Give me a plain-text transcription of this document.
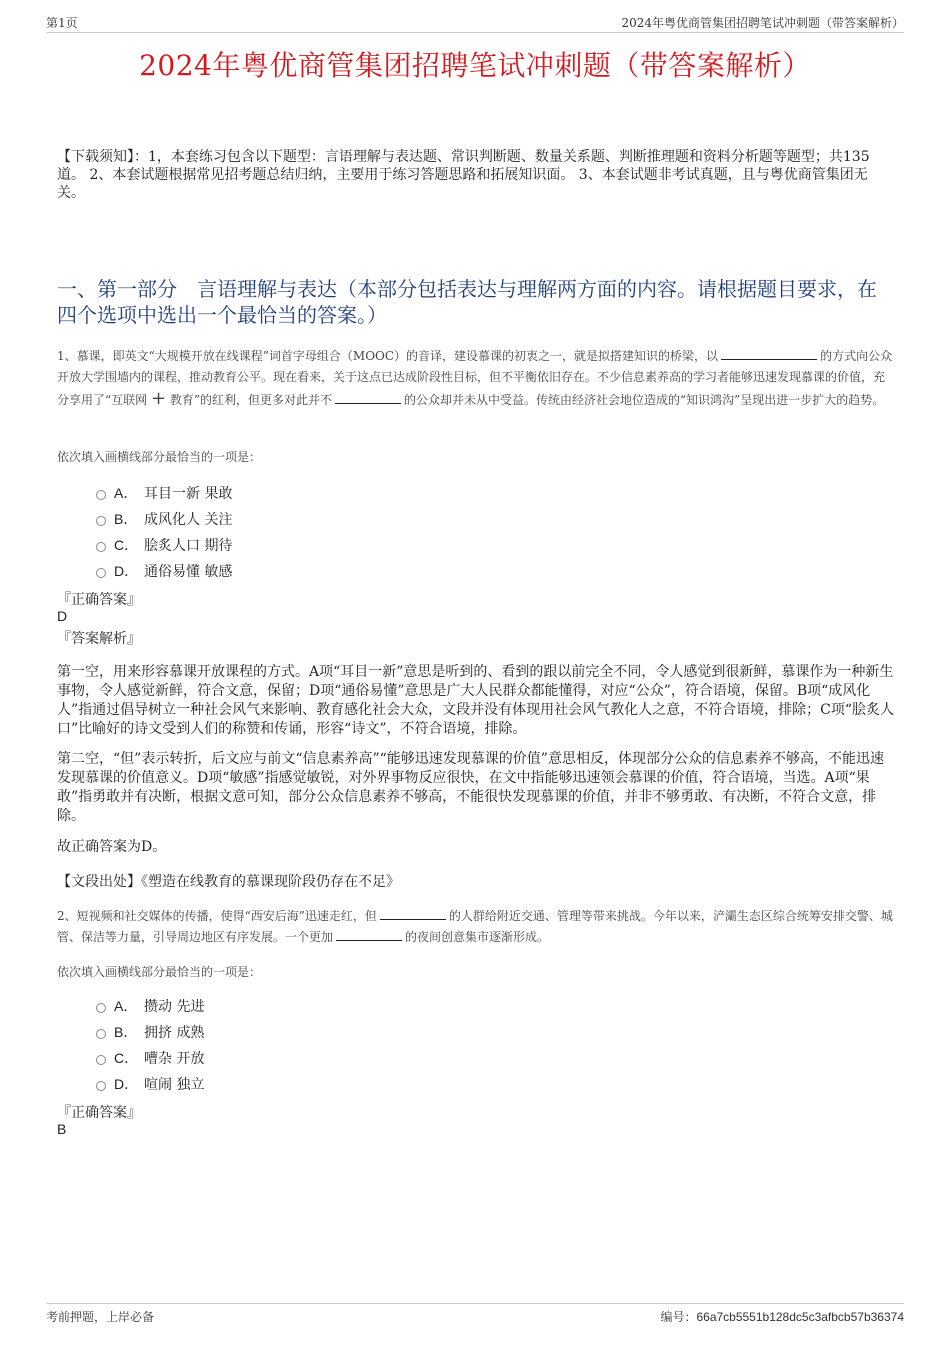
第1页	2024年粤优商管集团招聘笔试冲刺题（带答案解析）
2024年粤优商管集团招聘笔试冲刺题（带答案解析）
【下载须知】：1，本套练习包含以下题型：言语理解与表达题、常识判断题、数量关系题、判断推理题和资料分析题等题型；共135道。 2、本套试题根据常见招考题总结归纳，主要用于练习答题思路和拓展知识面。 3、本套试题非考试真题，且与粤优商管集团无关。
一、第一部分　言语理解与表达（本部分包括表达与理解两方面的内容。请根据题目要求，在四个选项中选出一个最恰当的答案。）
1、慕课，即英文“大规模开放在线课程”词首字母组合（MOOC）的音译，建设慕课的初衷之一，就是拟搭建知识的桥梁，以	的方式向公众开放大学围墙内的课程，推动教育公平。现在看来，关于这点已达成阶段性目标，但不平衡依旧存在。不少信息素养高的学习者能够迅速发现慕课的价值，充分享用了“互联网 + 教育”的红利，但更多对此并不	的公众却并未从中受益。传统由经济社会地位造成的“知识鸿沟”呈现出进一步扩大的趋势。
依次填入画横线部分最恰当的一项是：
A． 耳目一新 果敢
B． 成风化人 关注
C． 脍炙人口 期待
D． 通俗易懂 敏感
『正确答案』
D
『答案解析』
第一空，用来形容慕课开放课程的方式。A项“耳目一新”意思是听到的、看到的跟以前完全不同，令人感觉到很新鲜，慕课作为一种新生事物，令人感觉新鲜，符合文意，保留；D项“通俗易懂”意思是广大人民群众都能懂得，对应“公众”，符合语境，保留。B项“成风化人”指通过倡导树立一种社会风气来影响、教育感化社会大众，文段并没有体现用社会风气教化人之意，不符合语境，排除；C项“脍炙人口”比喻好的诗文受到人们的称赞和传诵，形容“诗文”，不符合语境，排除。
第二空，“但”表示转折，后文应与前文“信息素养高”“能够迅速发现慕课的价值”意思相反，体现部分公众的信息素养不够高，不能迅速发现慕课的价值意义。D项“敏感”指感觉敏锐，对外界事物反应很快，在文中指能够迅速领会慕课的价值，符合语境，当选。A项“果敢”指勇敢并有决断，根据文意可知，部分公众信息素养不够高，不能很快发现慕课的价值，并非不够勇敢、有决断，不符合文意，排除。
故正确答案为D。
【文段出处】《塑造在线教育的慕课现阶段仍存在不足》
2、短视频和社交媒体的传播，使得“西安后海”迅速走红，但	的人群给附近交通、管理等带来挑战。今年以来，浐灞生态区综合统筹安排交警、城管、保洁等力量，引导周边地区有序发展。一个更加	的夜间创意集市逐渐形成。
依次填入画横线部分最恰当的一项是：
A． 攒动 先进
B． 拥挤 成熟
C． 嘈杂 开放
D． 喧闹 独立
『正确答案』
B
考前押题，上岸必备	编号：66a7cb5551b128dc5c3afbcb57b36374
